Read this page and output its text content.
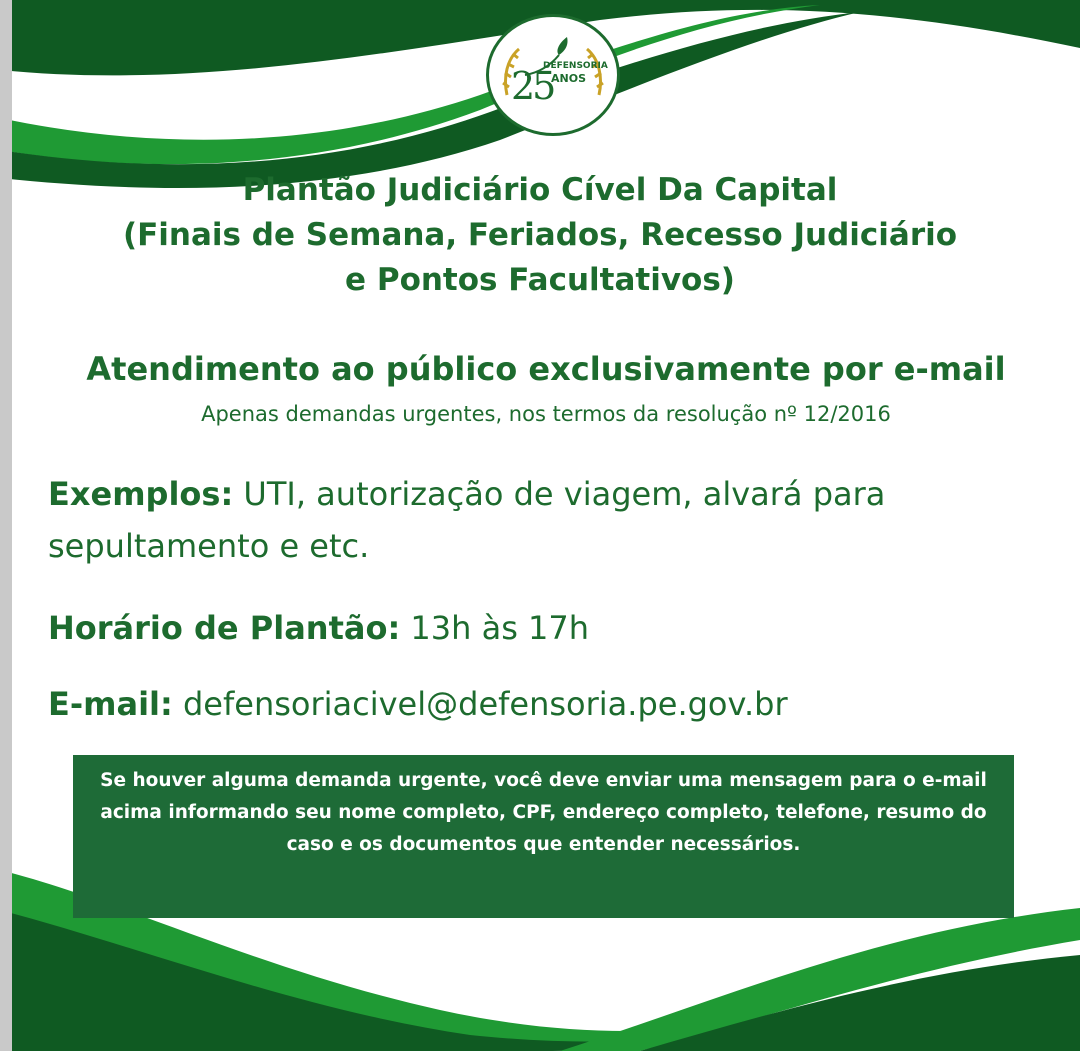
25
DEFENSORIA
ANOS
Plantão Judiciário Cível Da Capital
(Finais de Semana, Feriados, Recesso Judiciário
e Pontos Facultativos)
Atendimento ao público exclusivamente por e-mail
Apenas demandas urgentes, nos termos da resolução nº 12/2016
Exemplos: UTI, autorização de viagem, alvará para sepultamento e etc.
Horário de Plantão: 13h às 17h
E-mail: defensoriacivel@defensoria.pe.gov.br
Se houver alguma demanda urgente, você deve enviar uma mensagem para o e-mail acima informando seu nome completo, CPF, endereço completo, telefone, resumo do caso e os documentos que entender necessários.
